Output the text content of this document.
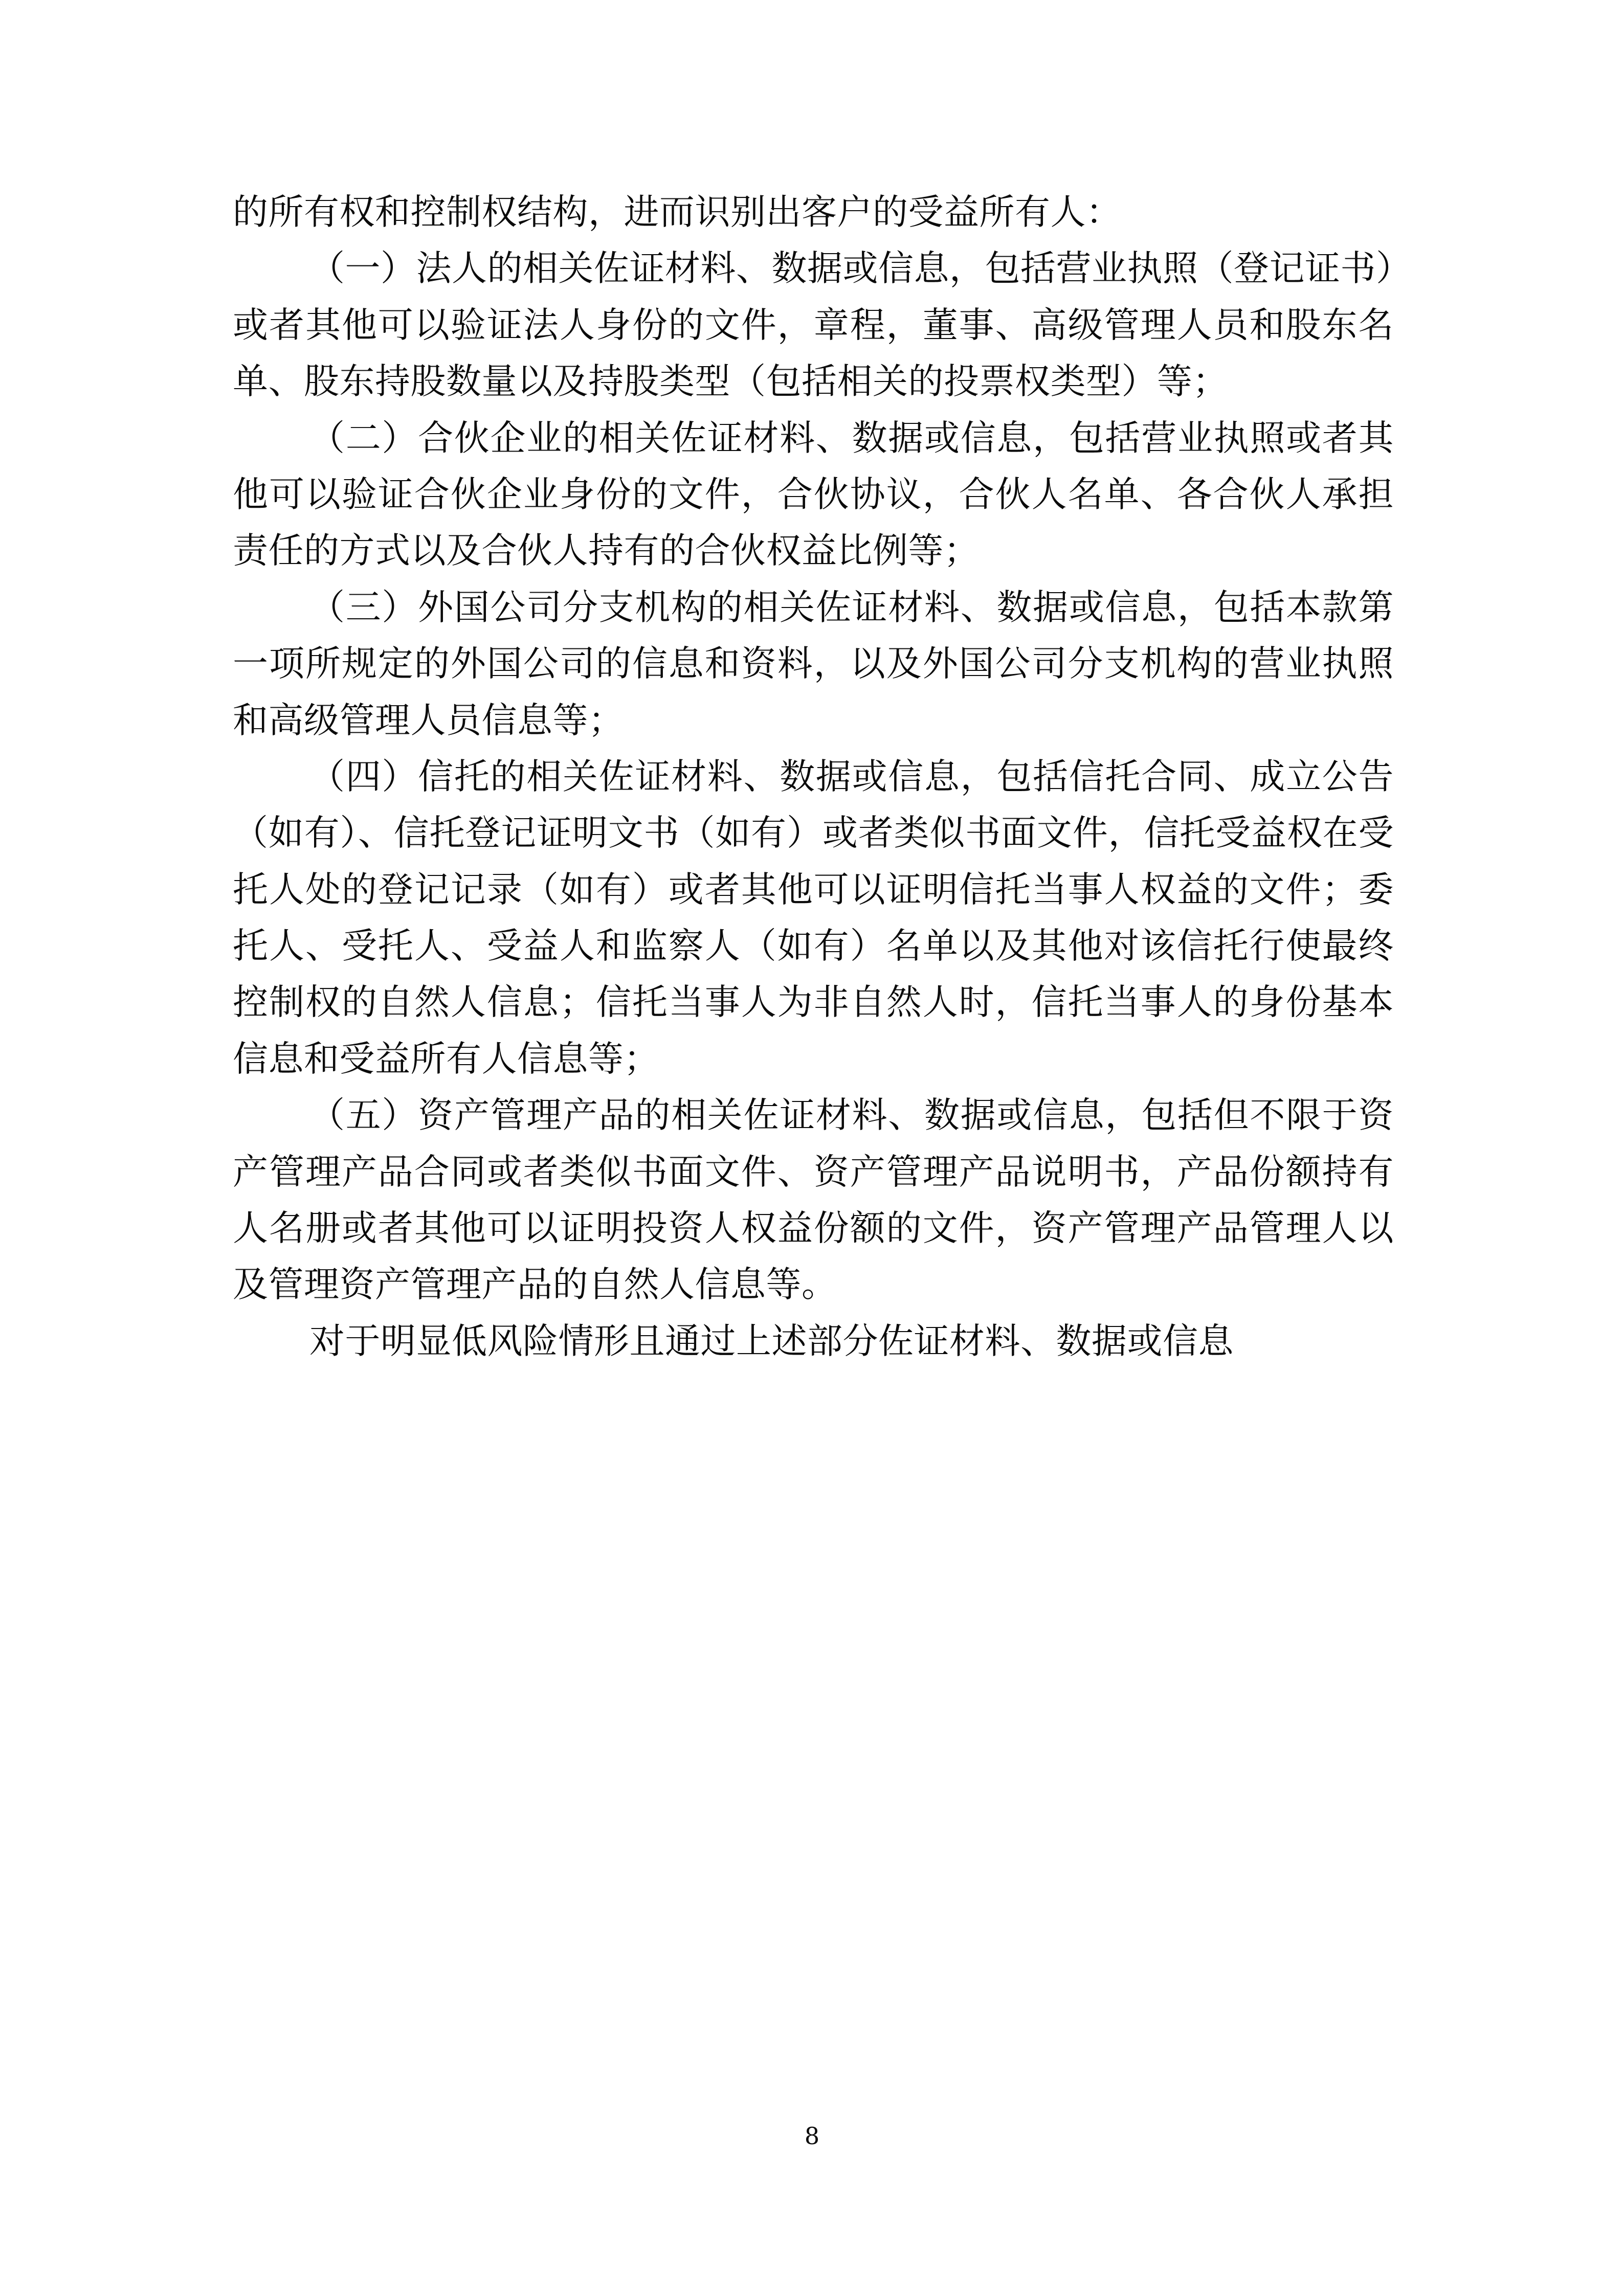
的所有权和控制权结构，进而识别出客户的受益所有人：

（一）法人的相关佐证材料、数据或信息，包括营业执照（登记证书）或者其他可以验证法人身份的文件，章程，董事、高级管理人员和股东名单、股东持股数量以及持股类型（包括相关的投票权类型）等；

（二）合伙企业的相关佐证材料、数据或信息，包括营业执照或者其他可以验证合伙企业身份的文件，合伙协议，合伙人名单、各合伙人承担责任的方式以及合伙人持有的合伙权益比例等；

（三）外国公司分支机构的相关佐证材料、数据或信息，包括本款第一项所规定的外国公司的信息和资料，以及外国公司分支机构的营业执照和高级管理人员信息等；

（四）信托的相关佐证材料、数据或信息，包括信托合同、成立公告（如有）、信托登记证明文书（如有）或者类似书面文件，信托受益权在受托人处的登记记录（如有）或者其他可以证明信托当事人权益的文件；委托人、受托人、受益人和监察人（如有）名单以及其他对该信托行使最终控制权的自然人信息；信托当事人为非自然人时，信托当事人的身份基本信息和受益所有人信息等；

（五）资产管理产品的相关佐证材料、数据或信息，包括但不限于资产管理产品合同或者类似书面文件、资产管理产品说明书，产品份额持有人名册或者其他可以证明投资人权益份额的文件，资产管理产品管理人以及管理资产管理产品的自然人信息等。

对于明显低风险情形且通过上述部分佐证材料、数据或信息

8
